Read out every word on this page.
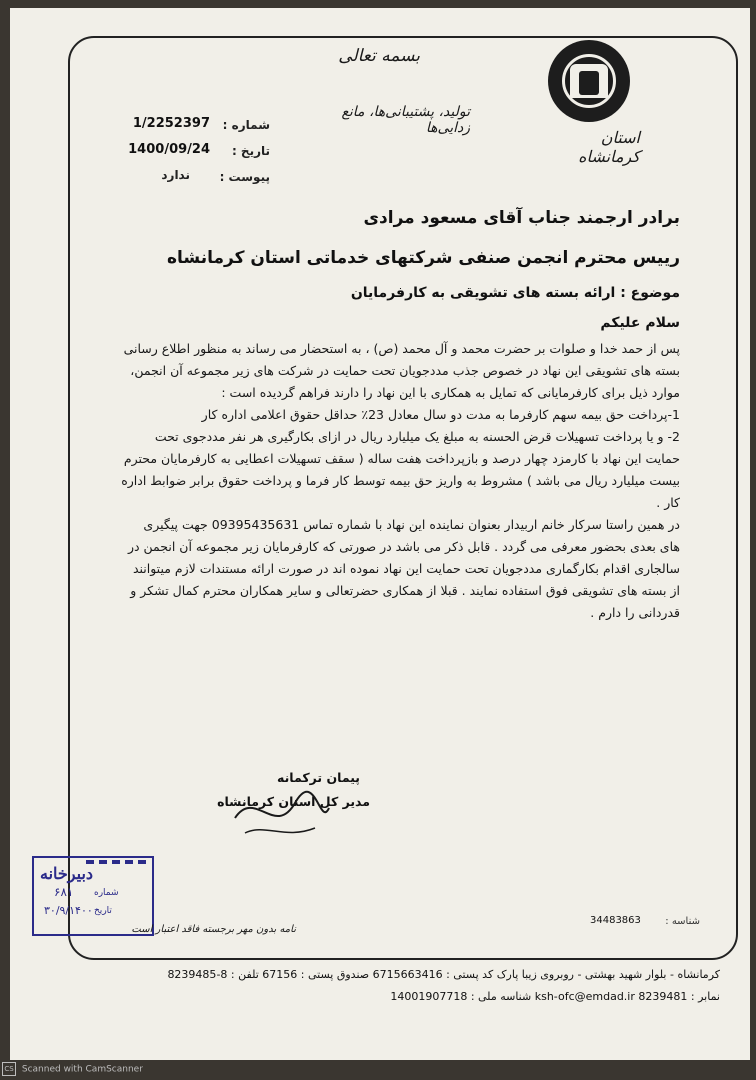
استان کرمانشاه
بسمه تعالی
تولید، پشتیبانی‌ها، مانع زدایی‌ها
شماره :
1/2252397
تاریخ :
1400/09/24
پیوست :
ندارد
برادر ارجمند جناب آقای مسعود مرادی
رییس محترم انجمن صنفی شرکتهای خدماتی استان کرمانشاه
موضوع : ارائه بسته های تشویقی به کارفرمایان
سلام علیکم

پس از حمد خدا و صلوات بر حضرت محمد و آل محمد (ص) ، به استحضار می رساند به منظور اطلاع رسانی بسته های تشویقی این نهاد در خصوص جذب مددجویان تحت حمایت در شرکت های زیر مجموعه آن انجمن، موارد ذیل برای کارفرمایانی که تمایل به همکاری با این نهاد را دارند فراهم گردیده است :

1-پرداخت حق بیمه سهم کارفرما به مدت دو سال معادل 23٪ حداقل حقوق اعلامی اداره کار

2- و یا پرداخت تسهیلات قرض الحسنه به مبلغ یک میلیارد ریال در ازای بکارگیری هر نفر مددجوی تحت حمایت این نهاد با کارمزد چهار درصد و بازپرداخت هفت ساله ( سقف تسهیلات اعطایی به کارفرمایان محترم بیست میلیارد ریال می باشد ) مشروط به واریز حق بیمه توسط کار فرما و پرداخت حقوق برابر ضوابط اداره کار .

در همین راستا سرکار خانم اربیدار بعنوان نماینده این نهاد با شماره تماس 09395435631 جهت پیگیری های بعدی بحضور معرفی می گردد . قابل ذکر می باشد در صورتی که کارفرمایان زیر مجموعه آن انجمن در سالجاری اقدام بکارگماری مددجویان تحت حمایت این نهاد نموده اند در صورت ارائه مستندات لازم میتوانند از بسته های تشویقی فوق استفاده نمایند . قبلا از همکاری حضرتعالی و سایر همکاران محترم کمال تشکر و قدردانی را دارم .

پیمان ترکمانه
مدیر کل استان کرمانشاه
دبیرخانه
شماره
۶۸۱
تاریخ
۳۰/۹/۱۴۰۰
نامه بدون مهر برجسته فاقد اعتبار است
شناسه :
34483863
کرمانشاه - بلوار شهید بهشتی - روبروی زیبا پارک کد پستی : 6715663416 صندوق پستی : 67156 تلفن : 8-8239485
نمابر : 8239481 ksh-ofc@emdad.ir شناسه ملی : 14001907718
CS Scanned with CamScanner
